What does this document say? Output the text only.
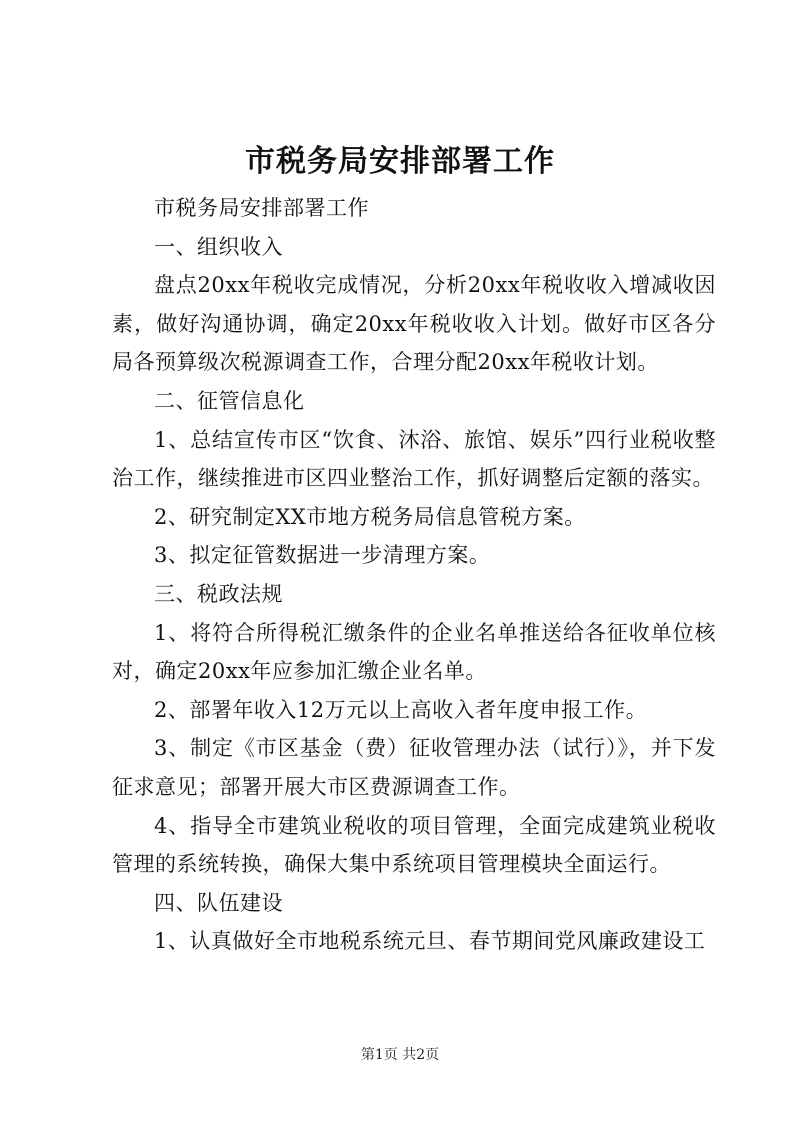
市税务局安排部署工作

市税务局安排部署工作

一、组织收入

盘点20xx年税收完成情况，分析20xx年税收收入增减收因素，做好沟通协调，确定20xx年税收收入计划。做好市区各分局各预算级次税源调查工作，合理分配20xx年税收计划。

二、征管信息化

1、总结宣传市区“饮食、沐浴、旅馆、娱乐”四行业税收整治工作，继续推进市区四业整治工作，抓好调整后定额的落实。

2、研究制定XX市地方税务局信息管税方案。

3、拟定征管数据进一步清理方案。

三、税政法规

1、将符合所得税汇缴条件的企业名单推送给各征收单位核对，确定20xx年应参加汇缴企业名单。

2、部署年收入12万元以上高收入者年度申报工作。

3、制定《市区基金（费）征收管理办法（试行）》，并下发征求意见；部署开展大市区费源调查工作。

4、指导全市建筑业税收的项目管理，全面完成建筑业税收管理的系统转换，确保大集中系统项目管理模块全面运行。

四、队伍建设

1、认真做好全市地税系统元旦、春节期间党风廉政建设工

第1页 共2页
